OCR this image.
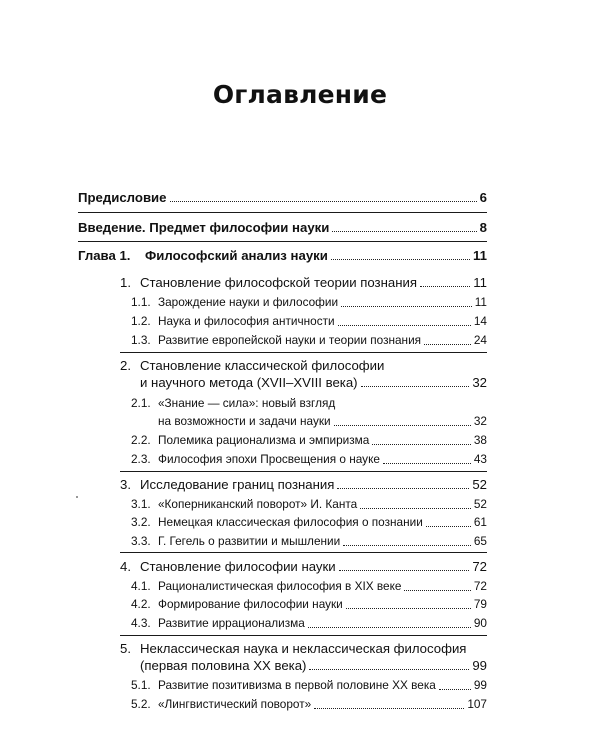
Оглавление
Предисловие	6
Введение. Предмет философии науки	8
Глава 1.	Философский анализ науки	11
1. Становление философской теории познания	11
1.1. Зарождение науки и философии	11
1.2. Наука и философия античности	14
1.3. Развитие европейской науки и теории познания	24
2. Становление классической философии
и научного метода (XVII–XVIII века)	32
2.1. «Знание — сила»: новый взгляд
на возможности и задачи науки	32
2.2. Полемика рационализма и эмпиризма	38
2.3. Философия эпохи Просвещения о науке	43
3. Исследование границ познания	52
3.1. «Коперниканский поворот» И. Канта	52
3.2. Немецкая классическая философия о познании	61
3.3. Г. Гегель о развитии и мышлении	65
4. Становление философии науки	72
4.1. Рационалистическая философия в XIX веке	72
4.2. Формирование философии науки	79
4.3. Развитие иррационализма	90
5. Неклассическая наука и неклассическая философия
(первая половина XX века)	99
5.1. Развитие позитивизма в первой половине XX века	99
5.2. «Лингвистический поворот»	107
